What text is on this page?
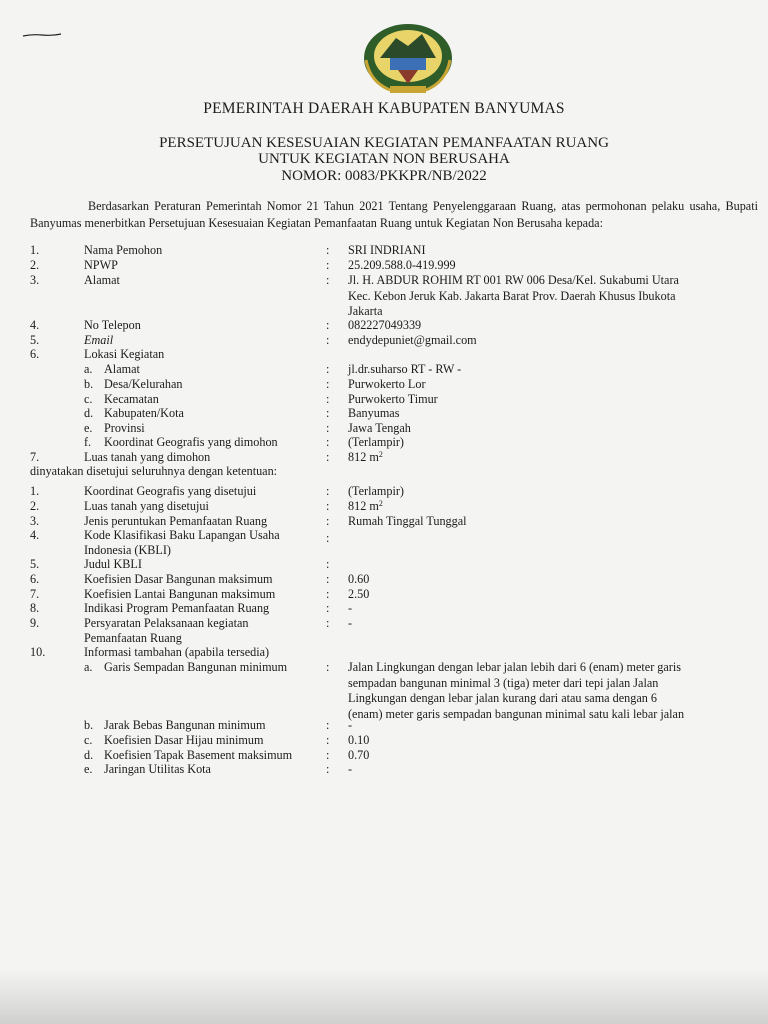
PEMERINTAH DAERAH KABUPATEN BANYUMAS
PERSETUJUAN KESESUAIAN KEGIATAN PEMANFAATAN RUANG
UNTUK KEGIATAN NON BERUSAHA
NOMOR: 0083/PKKPR/NB/2022
Berdasarkan Peraturan Pemerintah Nomor 21 Tahun 2021 Tentang Penyelenggaraan Ruang, atas permohonan pelaku usaha, Bupati Banyumas menerbitkan Persetujuan Kesesuaian Kegiatan Pemanfaatan Ruang untuk Kegiatan Non Berusaha kepada:
1.	Nama Pemohon	: SRI INDRIANI
2.	NPWP	: 25.209.588.0-419.999
3.	Alamat	: Jl. H. ABDUR ROHIM RT 001 RW 006 Desa/Kel. Sukabumi Utara
Kec. Kebon Jeruk Kab. Jakarta Barat Prov. Daerah Khusus Ibukota
Jakarta
4.	No Telepon	: 082227049339
5.	Email	: endydepuniet@gmail.com
6.	Lokasi Kegiatan
a. Alamat	: jl.dr.suharso RT - RW -
b. Desa/Kelurahan	: Purwokerto Lor
c. Kecamatan	: Purwokerto Timur
d. Kabupaten/Kota	: Banyumas
e. Provinsi	: Jawa Tengah
f. Koordinat Geografis yang dimohon	: (Terlampir)
7.	Luas tanah yang dimohon	: 812 $m^2$
dinyatakan disetujui seluruhnya dengan ketentuan:
1.	Koordinat Geografis yang disetujui	: (Terlampir)
2.	Luas tanah yang disetujui	: 812 $m^2$
3.	Jenis peruntukan Pemanfaatan Ruang	: Rumah Tinggal Tunggal
4.	Kode Klasifikasi Baku Lapangan Usaha
Indonesia (KBLI)
:
5.	Judul KBLI	:
6.	Koefisien Dasar Bangunan maksimum	: 0.60
7.	Koefisien Lantai Bangunan maksimum	: 2.50
8.	Indikasi Program Pemanfaatan Ruang	: -
9.	Persyaratan Pelaksanaan kegiatan
Pemanfaatan Ruang
: -
10.	Informasi tambahan (apabila tersedia)
a. Garis Sempadan Bangunan minimum	: Jalan Lingkungan dengan lebar jalan lebih dari 6 (enam) meter garis
sempadan bangunan minimal 3 (tiga) meter dari tepi jalan Jalan
Lingkungan dengan lebar jalan kurang dari atau sama dengan 6
(enam) meter garis sempadan bangunan minimal satu kali lebar jalan
b. Jarak Bebas Bangunan minimum	: -
c. Koefisien Dasar Hijau minimum	: 0.10
d. Koefisien Tapak Basement maksimum	: 0.70
e. Jaringan Utilitas Kota	: -
